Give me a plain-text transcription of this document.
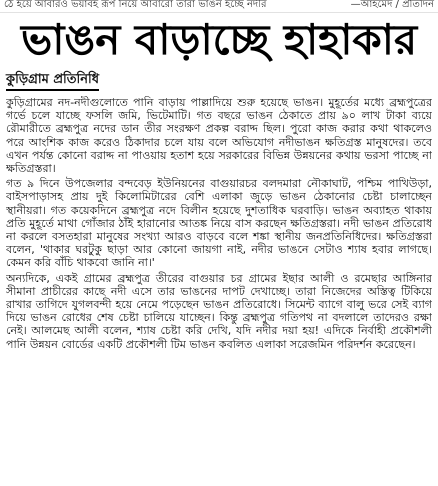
ঠে হয়ে আবারও ভয়াবহ রূপ নিয়ে আবারো তারা ভাঙন হচ্ছে নদীর	—আহমেদ / প্রতিদিন
ভাঙন বাড়াচ্ছে হাহাকার
কুড়িগ্রাম প্রতিনিধি

কুড়িগ্রামের নদ-নদীগুলোতে পানি বাড়ায় পাল্লাদিয়ে শুরু হয়েছে ভাঙন। মুহূর্তের মধ্যে ব্রহ্মপুত্রের গর্ভে চলে যাচ্ছে ফসলি জমি, ভিটেমাটি। গত বছরে ভাঙন ঠেকাতে প্রায় ৯০ লাখ টাকা ব্যয়ে রৌমারীতে ব্রহ্মপুত্র নদের ডান তীর সংরক্ষণ প্রকল্প বরাদ্দ ছিল। পুরো কাজ করার কথা থাকলেও পরে আংশিক কাজ করেও ঠিকাদার চলে যায় বলে অভিযোগ নদীভাঙন ক্ষতিগ্রস্ত মানুষদের। তবে এখন পর্যন্ত কোনো বরাদ্দ না পাওয়ায় হতাশ হয়ে সরকারের বিভিন্ন উন্নয়নের কথায় ভরসা পাচ্ছে না ক্ষতিগ্রস্তরা।

গত ৯ দিনে উপজেলার বন্দবেড় ইউনিয়নের বাগুয়ারচর বলদমারা নৌকাঘাট, পশ্চিম পাখিউড়া, বাইসপাড়াসহ প্রায় দুই কিলোমিটারের বেশি এলাকা জুড়ে ভাঙন ঠেকানোর চেষ্টা চালাচ্ছেন স্থানীয়রা। গত কয়েকদিনে ব্রহ্মপুত্র নদে বিলীন হয়েছে দুশতাধিক ঘরবাড়ি। ভাঙন অব্যাহত থাকায় প্রতি মুহূর্তে মাথা গোঁজার ঠাঁই হারানোর আতঙ্ক নিয়ে বাস করছেন ক্ষতিগ্রস্তরা। নদী ভাঙন প্রতিরোধ না করলে বসতহারা মানুষের সংখ্যা আরও বাড়বে বলে শঙ্কা স্থানীয় জনপ্রতিনিধিদের। ক্ষতিগ্রস্তরা বলেন, 'থাকার ঘরটুকু ছাড়া আর কোনো জায়গা নাই, নদীর ভাঙনে সেটাও শ্যাষ হবার লাগছে। কেমন করি বাঁচি থাকবো জানি না।'

অন্যদিকে, একই গ্রামের ব্রহ্মপুত্র তীরের বাগুয়ার চর গ্রামের ইছার আলী ও রমেছার আঙ্গিনার সীমানা প্রাচীরের কাছে নদী এসে তার ভাঙনের দাপট দেখাচ্ছে। তারা নিজেদের অস্তিত্ব টিকিয়ে রাখার তাগিদে যুগলবন্দী হয়ে নেমে পড়েছেন ভাঙন প্রতিরোধে। সিমেন্ট ব্যাগে বালু ভরে সেই ব্যাগ দিয়ে ভাঙন রোধের শেষ চেষ্টা চালিয়ে যাচ্ছেন। কিন্তু ব্রহ্মপুত্র গতিপথ না বদলালে তাদেরও রক্ষা নেই। আলমেছ আলী বলেন, শ্যাষ চেষ্টা করি দেখি, যদি নদীর দয়া হয়! এদিকে নির্বাহী প্রকৌশলী পানি উন্নয়ন বোর্ডের একটি প্রকৌশলী টিম ভাঙন কবলিত এলাকা সরেজমিন পরিদর্শন করেছেন।
